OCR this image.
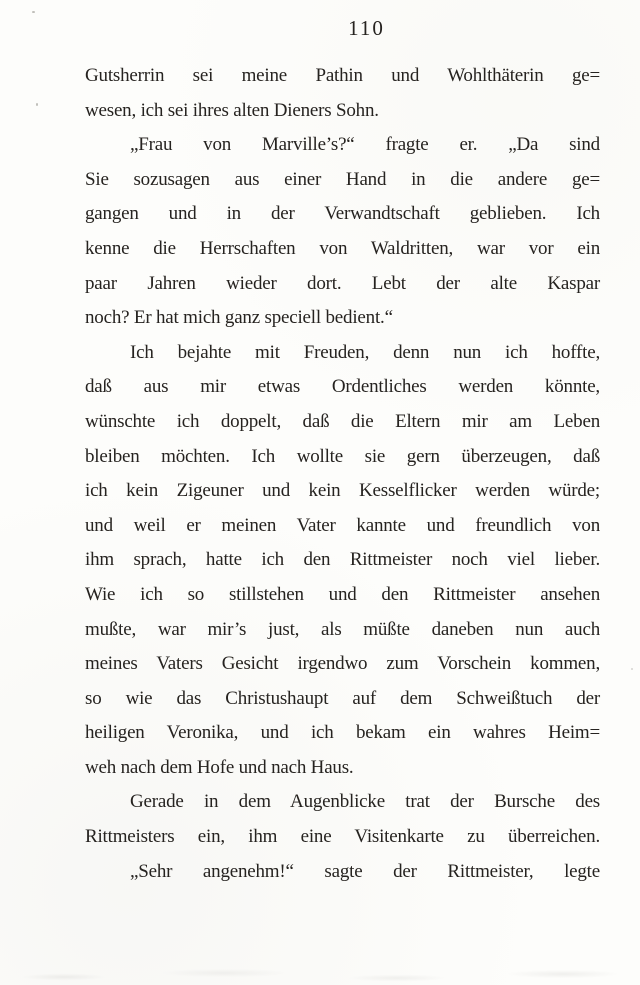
110
Gutsherrin sei meine Pathin und Wohlthäterin ge=
wesen, ich sei ihres alten Dieners Sohn.
„Frau von Marville’s?“ fragte er. „Da sind
Sie sozusagen aus einer Hand in die andere ge=
gangen und in der Verwandtschaft geblieben. Ich
kenne die Herrschaften von Waldritten, war vor ein
paar Jahren wieder dort. Lebt der alte Kaspar
noch? Er hat mich ganz speciell bedient.“
Ich bejahte mit Freuden, denn nun ich hoffte,
daß aus mir etwas Ordentliches werden könnte,
wünschte ich doppelt, daß die Eltern mir am Leben
bleiben möchten. Ich wollte sie gern überzeugen, daß
ich kein Zigeuner und kein Kesselflicker werden würde;
und weil er meinen Vater kannte und freundlich von
ihm sprach, hatte ich den Rittmeister noch viel lieber.
Wie ich so stillstehen und den Rittmeister ansehen
mußte, war mir’s just, als müßte daneben nun auch
meines Vaters Gesicht irgendwo zum Vorschein kommen,
so wie das Christushaupt auf dem Schweißtuch der
heiligen Veronika, und ich bekam ein wahres Heim=
weh nach dem Hofe und nach Haus.
Gerade in dem Augenblicke trat der Bursche des
Rittmeisters ein, ihm eine Visitenkarte zu überreichen.
„Sehr angenehm!“ sagte der Rittmeister, legte
